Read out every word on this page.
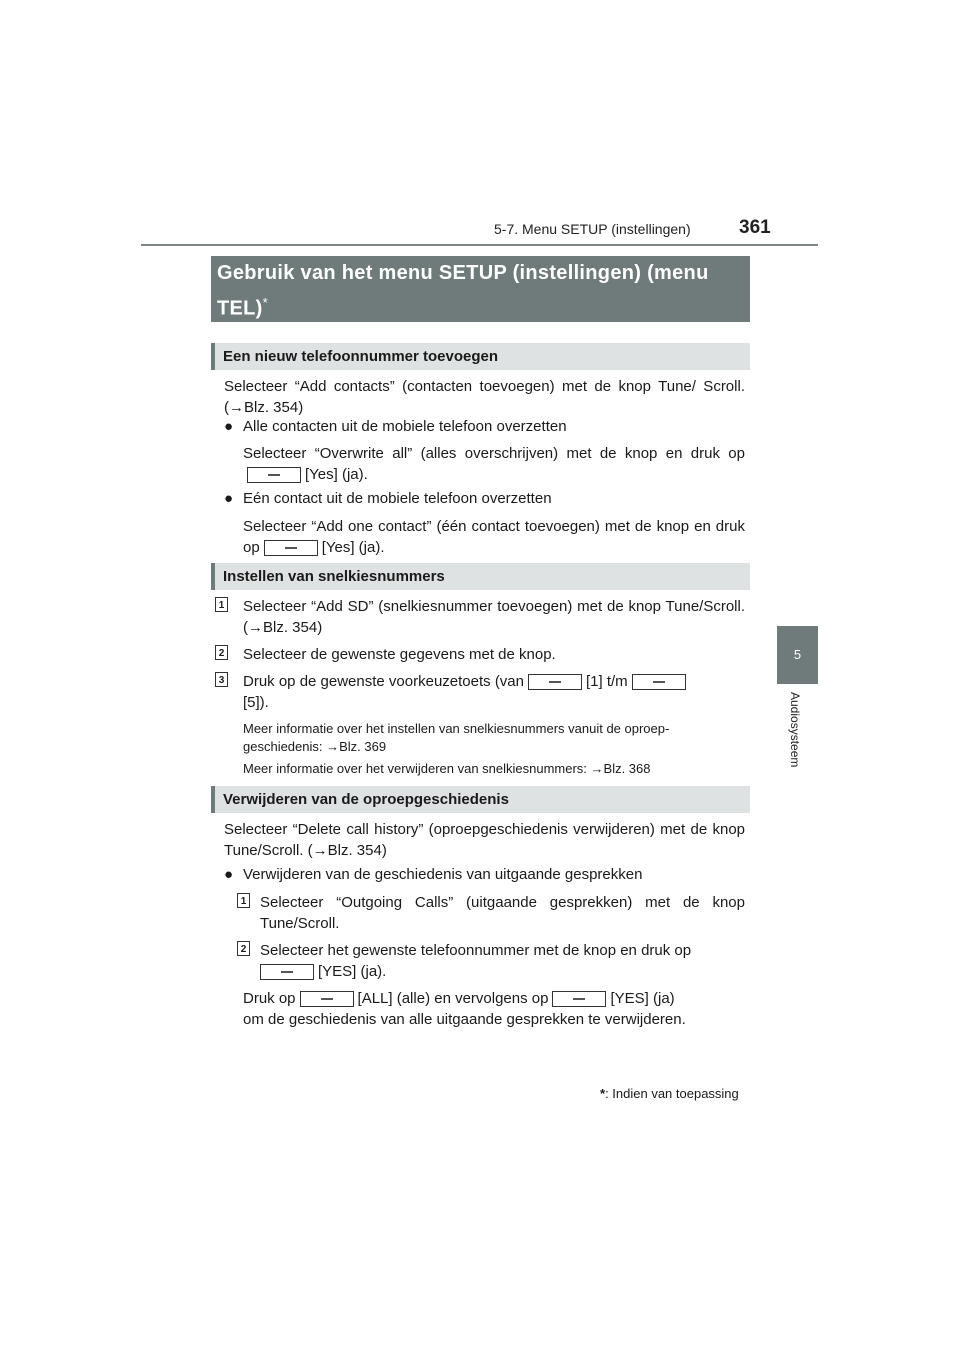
5-7. Menu SETUP (instellingen)	361
5
Audiosysteem
Gebruik van het menu SETUP (instellingen) (menu TEL)*
Een nieuw telefoonnummer toevoegen
Selecteer “Add contacts” (contacten toevoegen) met de knop Tune/ Scroll. (→Blz. 354)
● Alle contacten uit de mobiele telefoon overzetten
Selecteer “Overwrite all” (alles overschrijven) met de knop en druk op[Yes] (ja).
● Eén contact uit de mobiele telefoon overzetten
Selecteer “Add one contact” (één contact toevoegen) met de knop en druk op	[Yes] (ja).
Instellen van snelkiesnummers
1 Selecteer “Add SD” (snelkiesnummer toevoegen) met de knop Tune/Scroll. (→Blz. 354)
2 Selecteer de gewenste gegevens met de knop.
3 Druk op de gewenste voorkeuzetoets (van	[1] t/m
[5]).
Meer informatie over het instellen van snelkiesnummers vanuit de oproep- geschiedenis: →Blz. 369
Meer informatie over het verwijderen van snelkiesnummers: →Blz. 368
Verwijderen van de oproepgeschiedenis
Selecteer “Delete call history” (oproepgeschiedenis verwijderen) met de knop Tune/Scroll. (→Blz. 354)
● Verwijderen van de geschiedenis van uitgaande gesprekken
1 Selecteer “Outgoing Calls” (uitgaande gesprekken) met de knop Tune/Scroll.
2 Selecteer het gewenste telefoonnummer met de knop en druk op
[YES] (ja).
Druk op	[ALL] (alle) en vervolgens op	[YES] (ja)
om de geschiedenis van alle uitgaande gesprekken te verwijderen.
*: Indien van toepassing
